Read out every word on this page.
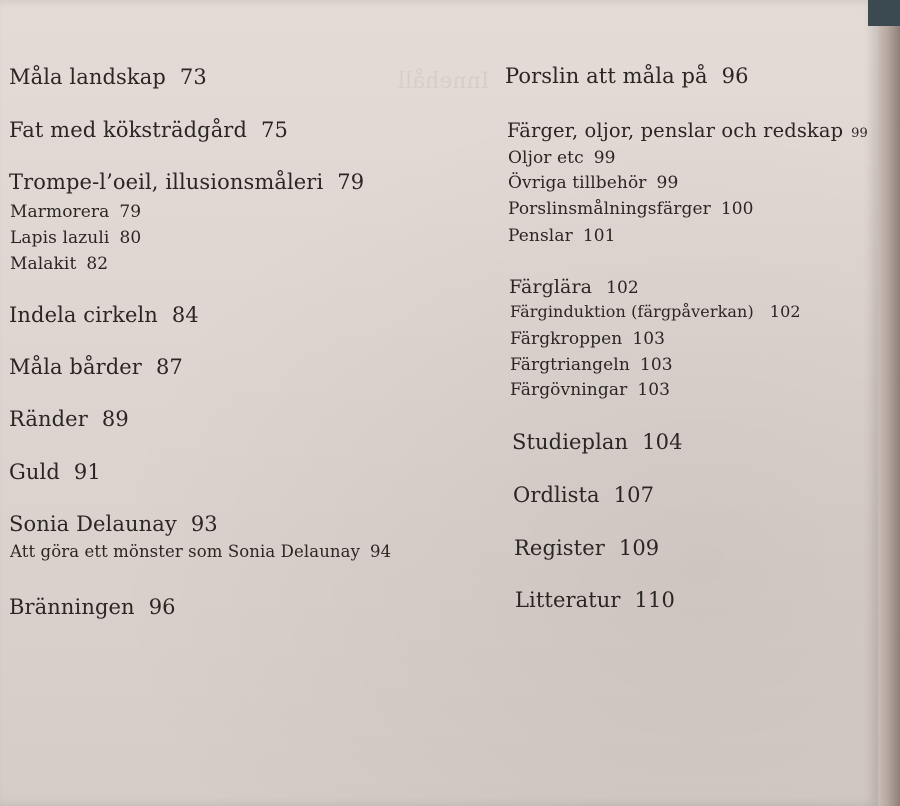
Innehåll
Måla landskap 73
Fat med köksträdgård 75
Trompe-l’oeil, illusionsmåleri 79
Marmorera 79
Lapis lazuli 80
Malakit 82
Indela cirkeln 84
Måla bårder 87
Ränder 89
Guld 91
Sonia Delaunay 93
Att göra ett mönster som Sonia Delaunay 94
Bränningen 96
Porslin att måla på 96
Färger, oljor, penslar och redskap 99
Oljor etc 99
Övriga tillbehör 99
Porslinsmålningsfärger 100
Penslar 101
Färglära 102
Färginduktion (färgpåverkan) 102
Färgkroppen 103
Färgtriangeln 103
Färgövningar 103
Studieplan 104
Ordlista 107
Register 109
Litteratur 110
